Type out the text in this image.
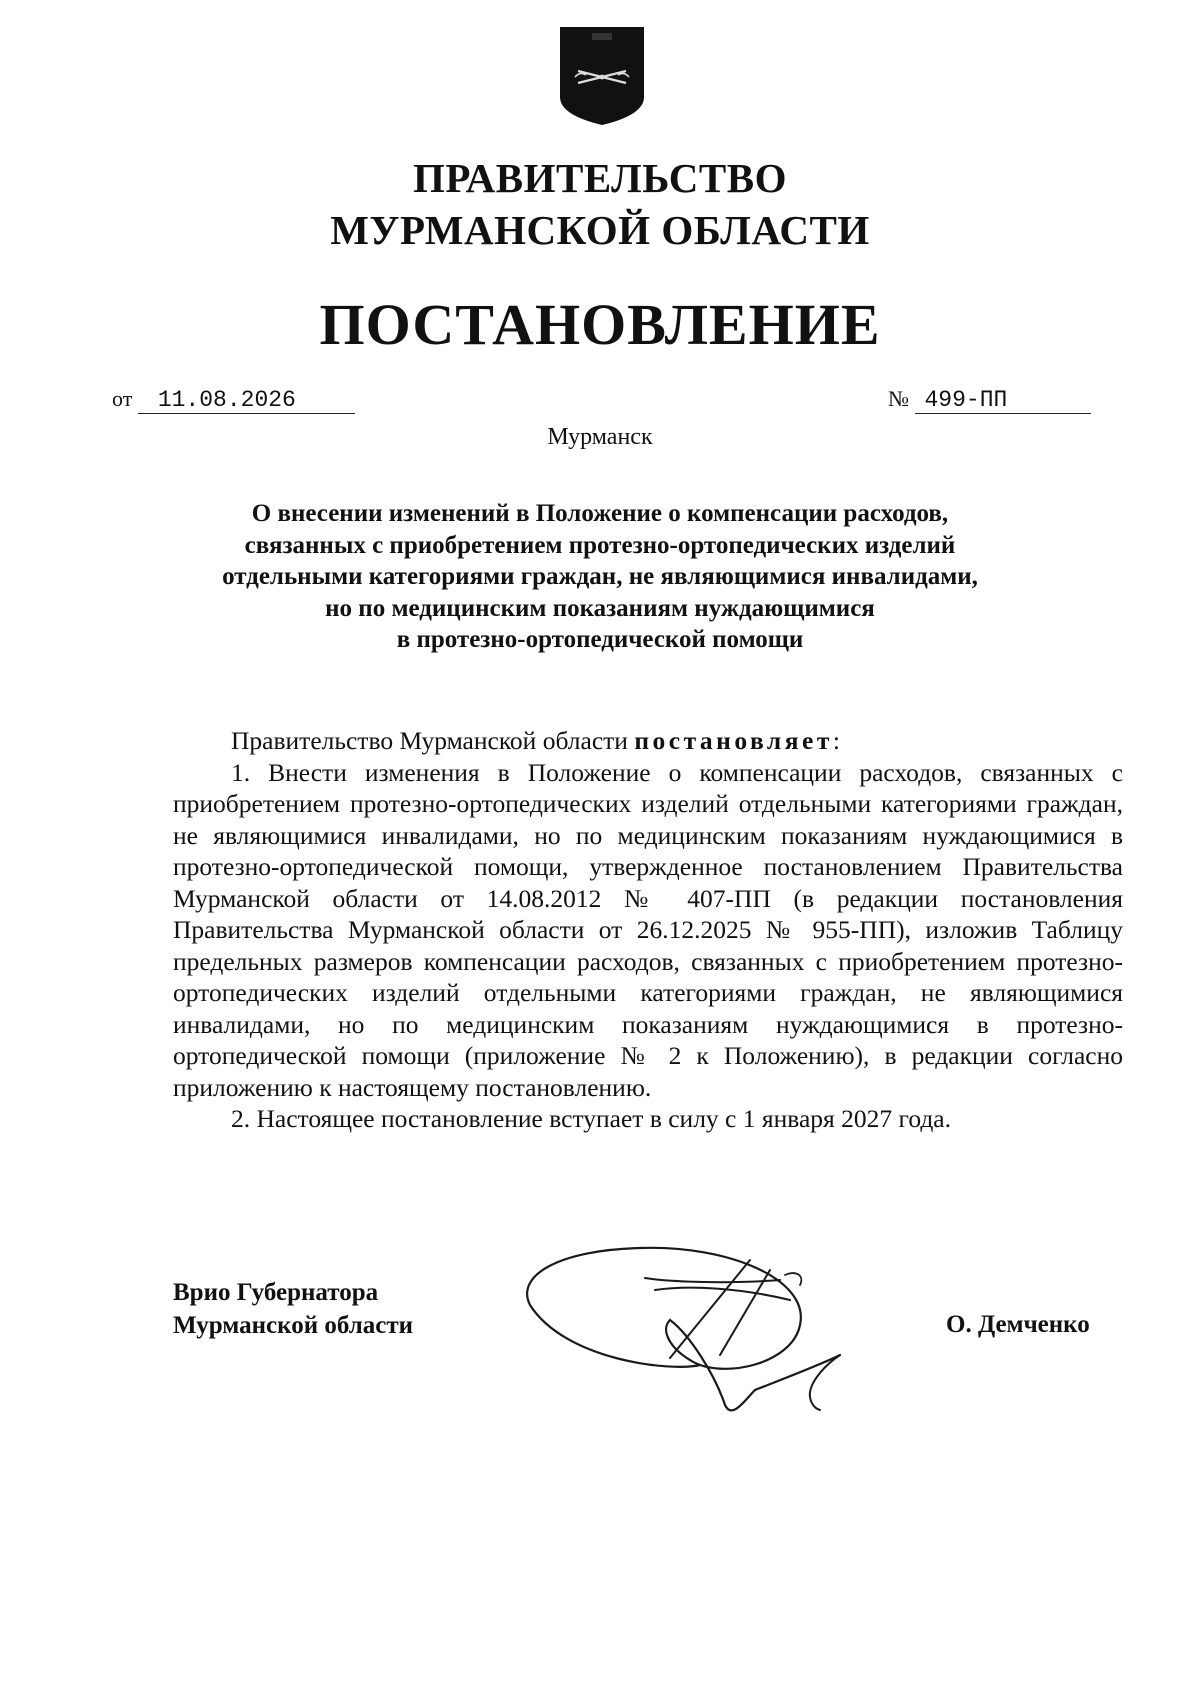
ПРАВИТЕЛЬСТВО
МУРМАНСКОЙ ОБЛАСТИ
ПОСТАНОВЛЕНИЕ
от 11.08.2026	№ 499-ПП
Мурманск
О внесении изменений в Положение о компенсации расходов,
связанных с приобретением протезно-ортопедических изделий
отдельными категориями граждан, не являющимися инвалидами,
но по медицинским показаниям нуждающимися
в протезно-ортопедической помощи
Правительство Мурманской области постановляет:
1. Внести изменения в Положение о компенсации расходов, связанных с приобретением протезно-ортопедических изделий отдельными категориями граждан, не являющимися инвалидами, но по медицинским показаниям нуждающимися в протезно-ортопедической помощи, утвержденное постановлением Правительства Мурманской области от 14.08.2012 № 407-ПП (в редакции постановления Правительства Мурманской области от 26.12.2025 № 955-ПП), изложив Таблицу предельных размеров компенсации расходов, связанных с приобретением протезно-ортопедических изделий отдельными категориями граждан, не являющимися инвалидами, но по медицинским показаниям нуждающимися в протезно-ортопедической помощи (приложение № 2 к Положению), в редакции согласно приложению к настоящему постановлению.
2. Настоящее постановление вступает в силу с 1 января 2027 года.
Врио Губернатора
Мурманской области	О. Демченко
